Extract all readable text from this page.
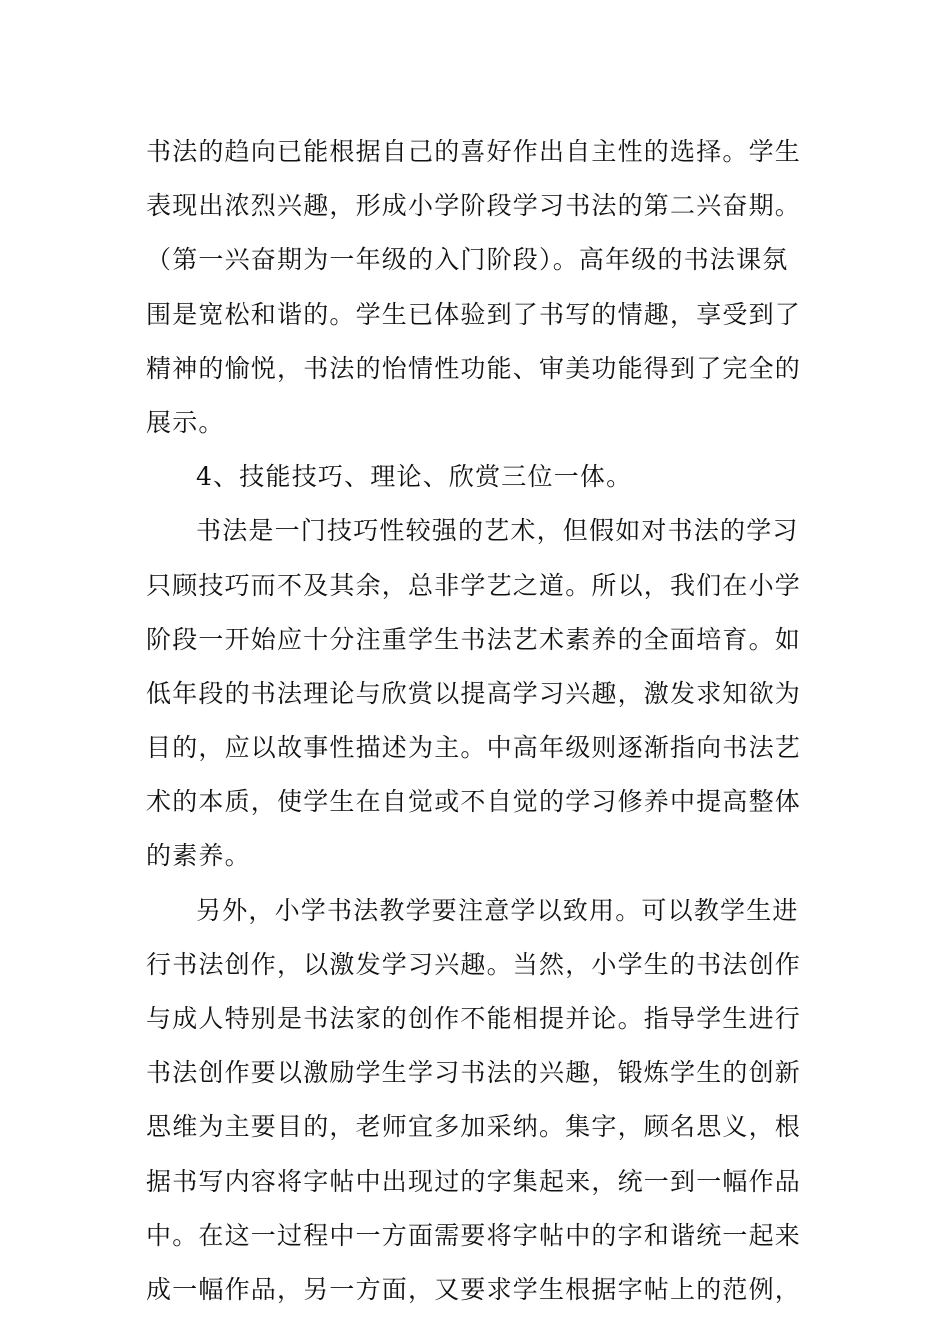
书法的趋向已能根据自己的喜好作出自主性的选择。学生
表现出浓烈兴趣，形成小学阶段学习书法的第二兴奋期。
（第一兴奋期为一年级的入门阶段）。高年级的书法课氛
围是宽松和谐的。学生已体验到了书写的情趣，享受到了
精神的愉悦，书法的怡情性功能、审美功能得到了完全的
展示。
4、技能技巧、理论、欣赏三位一体。
书法是一门技巧性较强的艺术，但假如对书法的学习
只顾技巧而不及其余，总非学艺之道。所以，我们在小学
阶段一开始应十分注重学生书法艺术素养的全面培育。如
低年段的书法理论与欣赏以提高学习兴趣，激发求知欲为
目的，应以故事性描述为主。中高年级则逐渐指向书法艺
术的本质，使学生在自觉或不自觉的学习修养中提高整体
的素养。
另外，小学书法教学要注意学以致用。可以教学生进
行书法创作，以激发学习兴趣。当然，小学生的书法创作
与成人特别是书法家的创作不能相提并论。指导学生进行
书法创作要以激励学生学习书法的兴趣，锻炼学生的创新
思维为主要目的，老师宜多加采纳。集字，顾名思义，根
据书写内容将字帖中出现过的字集起来，统一到一幅作品
中。在这一过程中一方面需要将字帖中的字和谐统一起来
成一幅作品，另一方面，又要求学生根据字帖上的范例，
